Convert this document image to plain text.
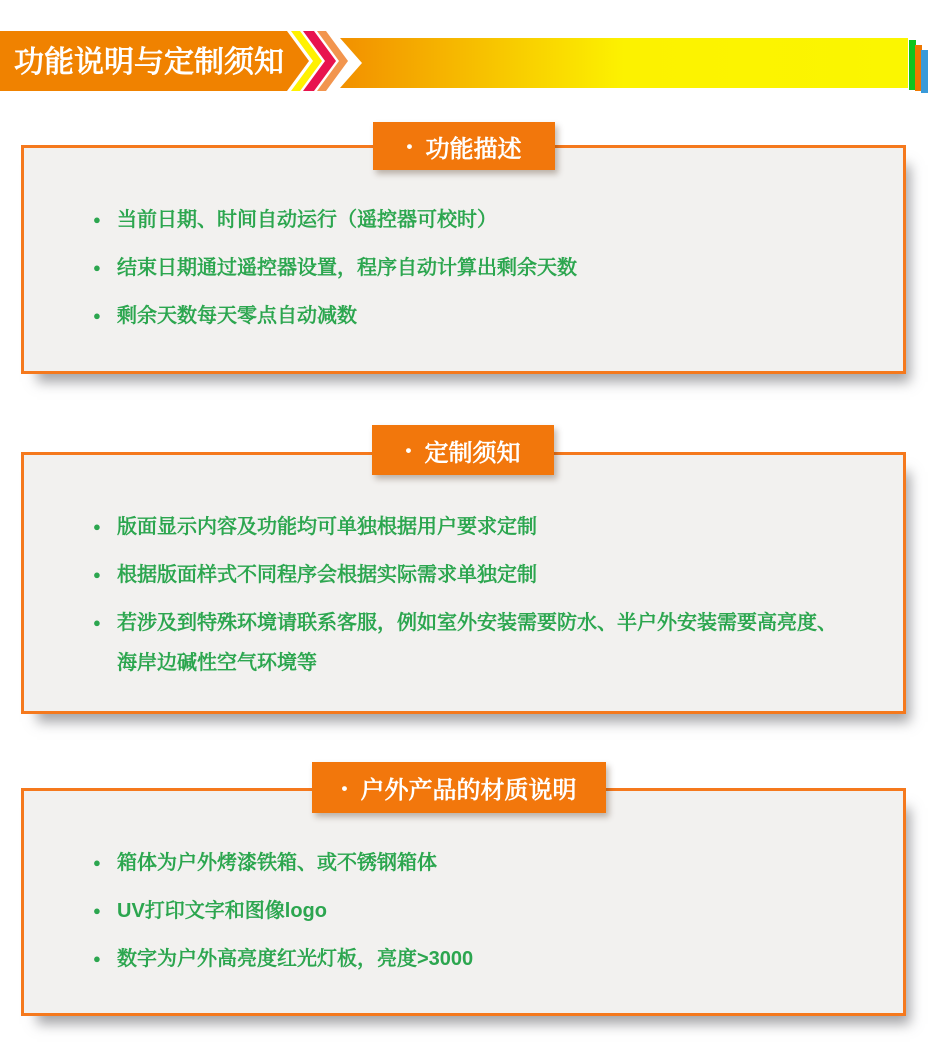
功能说明与定制须知
• 功能描述
● 当前日期、时间自动运行（遥控器可校时）
● 结束日期通过遥控器设置，程序自动计算出剩余天数
● 剩余天数每天零点自动减数
• 定制须知
● 版面显示内容及功能均可单独根据用户要求定制
● 根据版面样式不同程序会根据实际需求单独定制
● 若涉及到特殊环境请联系客服，例如室外安装需要防水、半户外安装需要高亮度、海岸边碱性空气环境等
• 户外产品的材质说明
● 箱体为户外烤漆铁箱、或不锈钢箱体
● UV打印文字和图像logo
● 数字为户外高亮度红光灯板，亮度>3000
